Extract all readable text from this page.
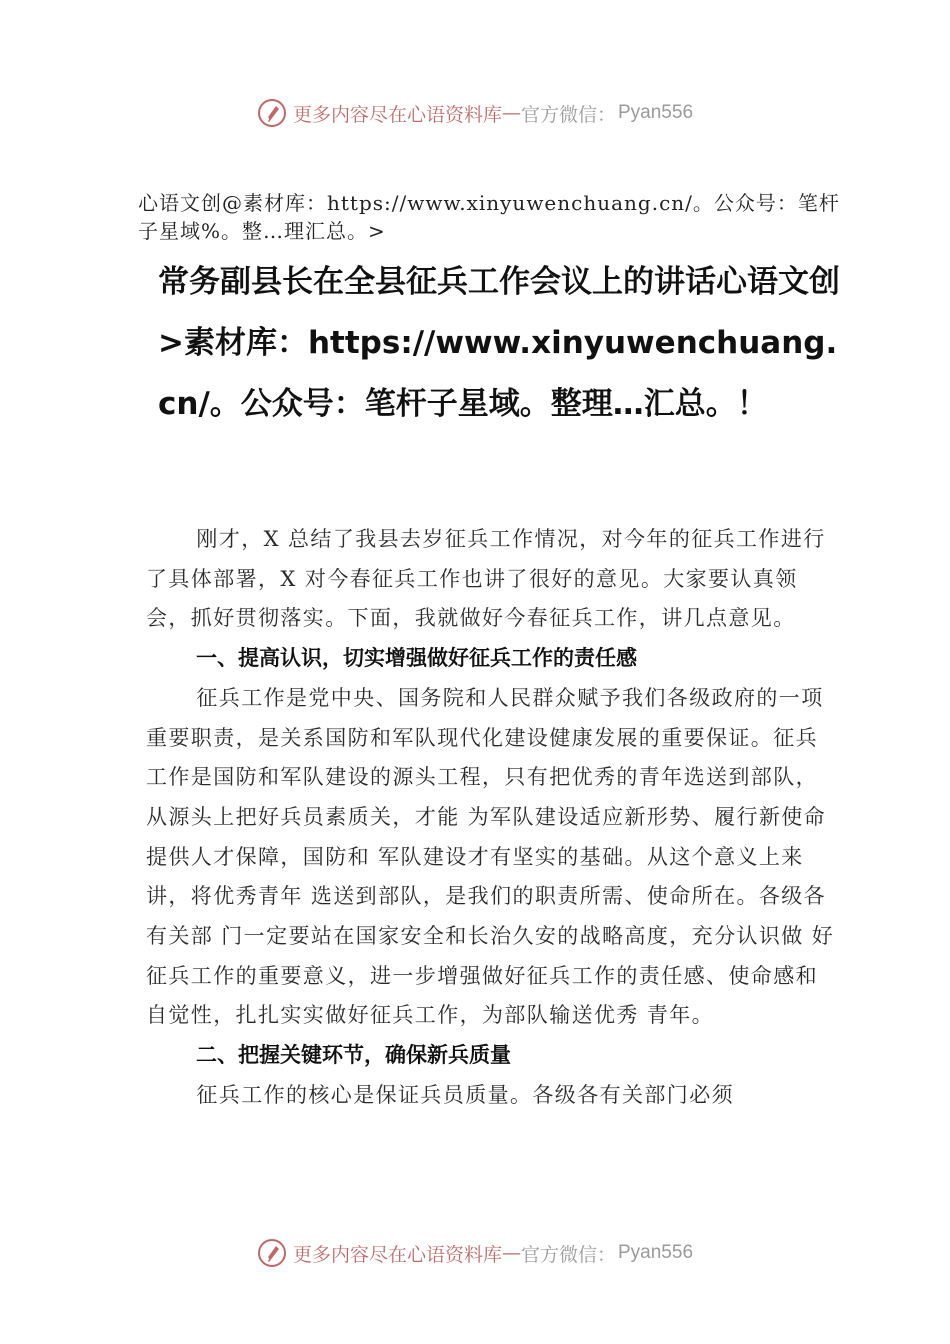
更多内容尽在心语资料库 — 官方微信： Pyan556
心语文创@素材库：https://www.xinyuwenchuang.cn/。公众号：笔杆子星域%。整…理汇总。>
常务副县长在全县征兵工作会议上的讲话心语文创>素材库：https://www.xinyuwenchuang.cn/。公众号：笔杆子星域。整理…汇总。！

刚才，X 总结了我县去岁征兵工作情况，对今年的征兵工作进行了具体部署，X 对今春征兵工作也讲了很好的意见。大家要认真领会，抓好贯彻落实。下面，我就做好今春征兵工作，讲几点意见。

一、提高认识，切实增强做好征兵工作的责任感

征兵工作是党中央、国务院和人民群众赋予我们各级政府的一项重要职责，是关系国防和军队现代化建设健康发展的重要保证。征兵工作是国防和军队建设的源头工程，只有把优秀的青年选送到部队，从源头上把好兵员素质关，才能 为军队建设适应新形势、履行新使命提供人才保障，国防和 军队建设才有坚实的基础。从这个意义上来讲，将优秀青年 选送到部队，是我们的职责所需、使命所在。各级各有关部 门一定要站在国家安全和长治久安的战略高度，充分认识做 好征兵工作的重要意义，进一步增强做好征兵工作的责任感、使命感和自觉性，扎扎实实做好征兵工作，为部队输送优秀 青年。

二、把握关键环节，确保新兵质量

征兵工作的核心是保证兵员质量。各级各有关部门必须

更多内容尽在心语资料库 — 官方微信： Pyan556
